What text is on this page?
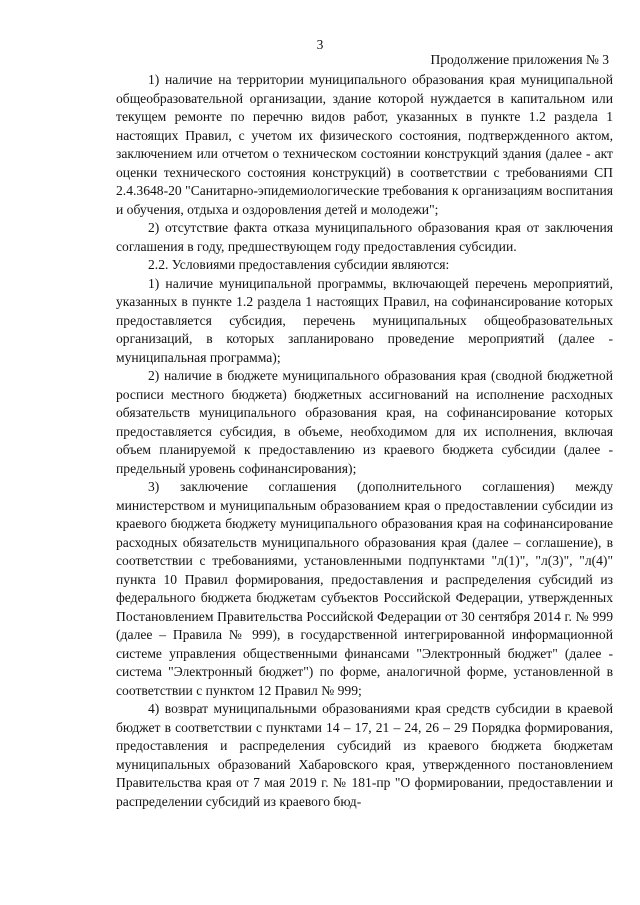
3
Продолжение приложения № 3

1) наличие на территории муниципального образования края муниципальной общеобразовательной организации, здание которой нуждается в капитальном или текущем ремонте по перечню видов работ, указанных в пункте 1.2 раздела 1 настоящих Правил, с учетом их физического состояния, подтвержденного актом, заключением или отчетом о техническом состоянии конструкций здания (далее - акт оценки технического состояния конструкций) в соответствии с требованиями СП 2.4.3648-20 "Санитарно-эпидемиологические требования к организациям воспитания и обучения, отдыха и оздоровления детей и молодежи";

2) отсутствие факта отказа муниципального образования края от заключения соглашения в году, предшествующем году предоставления субсидии.

2.2. Условиями предоставления субсидии являются:

1) наличие муниципальной программы, включающей перечень мероприятий, указанных в пункте 1.2 раздела 1 настоящих Правил, на софинансирование которых предоставляется субсидия, перечень муниципальных общеобразовательных организаций, в которых запланировано проведение мероприятий (далее - муниципальная программа);

2) наличие в бюджете муниципального образования края (сводной бюджетной росписи местного бюджета) бюджетных ассигнований на исполнение расходных обязательств муниципального образования края, на софинансирование которых предоставляется субсидия, в объеме, необходимом для их исполнения, включая объем планируемой к предоставлению из краевого бюджета субсидии (далее - предельный уровень софинансирования);

3) заключение соглашения (дополнительного соглашения) между министерством и муниципальным образованием края о предоставлении субсидии из краевого бюджета бюджету муниципального образования края на софинансирование расходных обязательств муниципального образования края (далее – соглашение), в соответствии с требованиями, установленными подпунктами "л(1)", "л(3)", "л(4)" пункта 10 Правил формирования, предоставления и распределения субсидий из федерального бюджета бюджетам субъектов Российской Федерации, утвержденных Постановлением Правительства Российской Федерации от 30 сентября 2014 г. № 999 (далее – Правила № 999), в государственной интегрированной информационной системе управления общественными финансами "Электронный бюджет" (далее - система "Электронный бюджет") по форме, аналогичной форме, установленной в соответствии с пунктом 12 Правил № 999;

4) возврат муниципальными образованиями края средств субсидии в краевой бюджет в соответствии с пунктами 14 – 17, 21 – 24, 26 – 29 Порядка формирования, предоставления и распределения субсидий из краевого бюджета бюджетам муниципальных образований Хабаровского края, утвержденного постановлением Правительства края от 7 мая 2019 г. № 181-пр "О формировании, предоставлении и распределении субсидий из краевого бюд-
